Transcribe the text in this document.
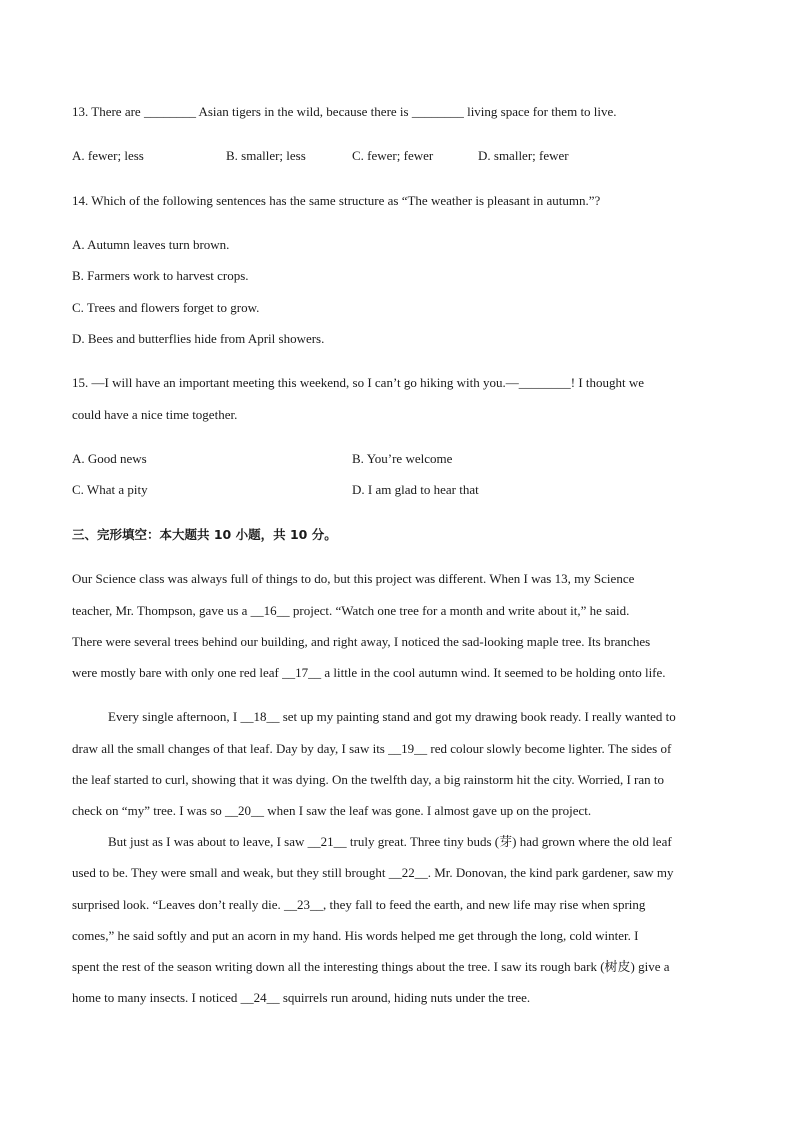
13. There are ________ Asian tigers in the wild, because there is ________ living space for them to live.
A. fewer; less	B. smaller; less	C. fewer; fewer	D. smaller; fewer
14. Which of the following sentences has the same structure as “The weather is pleasant in autumn.”?
A. Autumn leaves turn brown.
B. Farmers work to harvest crops.
C. Trees and flowers forget to grow.
D. Bees and butterflies hide from April showers.
15. —I will have an important meeting this weekend, so I can’t go hiking with you.—________! I thought we
could have a nice time together.
A. Good news	B. You’re welcome
C. What a pity	D. I am glad to hear that
三、完形填空：本大题共 10 小题，共 10 分。
Our Science class was always full of things to do, but this project was different. When I was 13, my Science
teacher, Mr. Thompson, gave us a __16__ project. “Watch one tree for a month and write about it,” he said.
There were several trees behind our building, and right away, I noticed the sad-looking maple tree. Its branches
were mostly bare with only one red leaf __17__ a little in the cool autumn wind. It seemed to be holding onto life.
Every single afternoon, I __18__ set up my painting stand and got my drawing book ready. I really wanted to
draw all the small changes of that leaf. Day by day, I saw its __19__ red colour slowly become lighter. The sides of
the leaf started to curl, showing that it was dying. On the twelfth day, a big rainstorm hit the city. Worried, I ran to
check on “my” tree. I was so __20__ when I saw the leaf was gone. I almost gave up on the project.
But just as I was about to leave, I saw __21__ truly great. Three tiny buds (芽) had grown where the old leaf
used to be. They were small and weak, but they still brought __22__. Mr. Donovan, the kind park gardener, saw my
surprised look. “Leaves don’t really die. __23__, they fall to feed the earth, and new life may rise when spring
comes,” he said softly and put an acorn in my hand. His words helped me get through the long, cold winter. I
spent the rest of the season writing down all the interesting things about the tree. I saw its rough bark (树皮) give a
home to many insects. I noticed __24__ squirrels run around, hiding nuts under the tree.
